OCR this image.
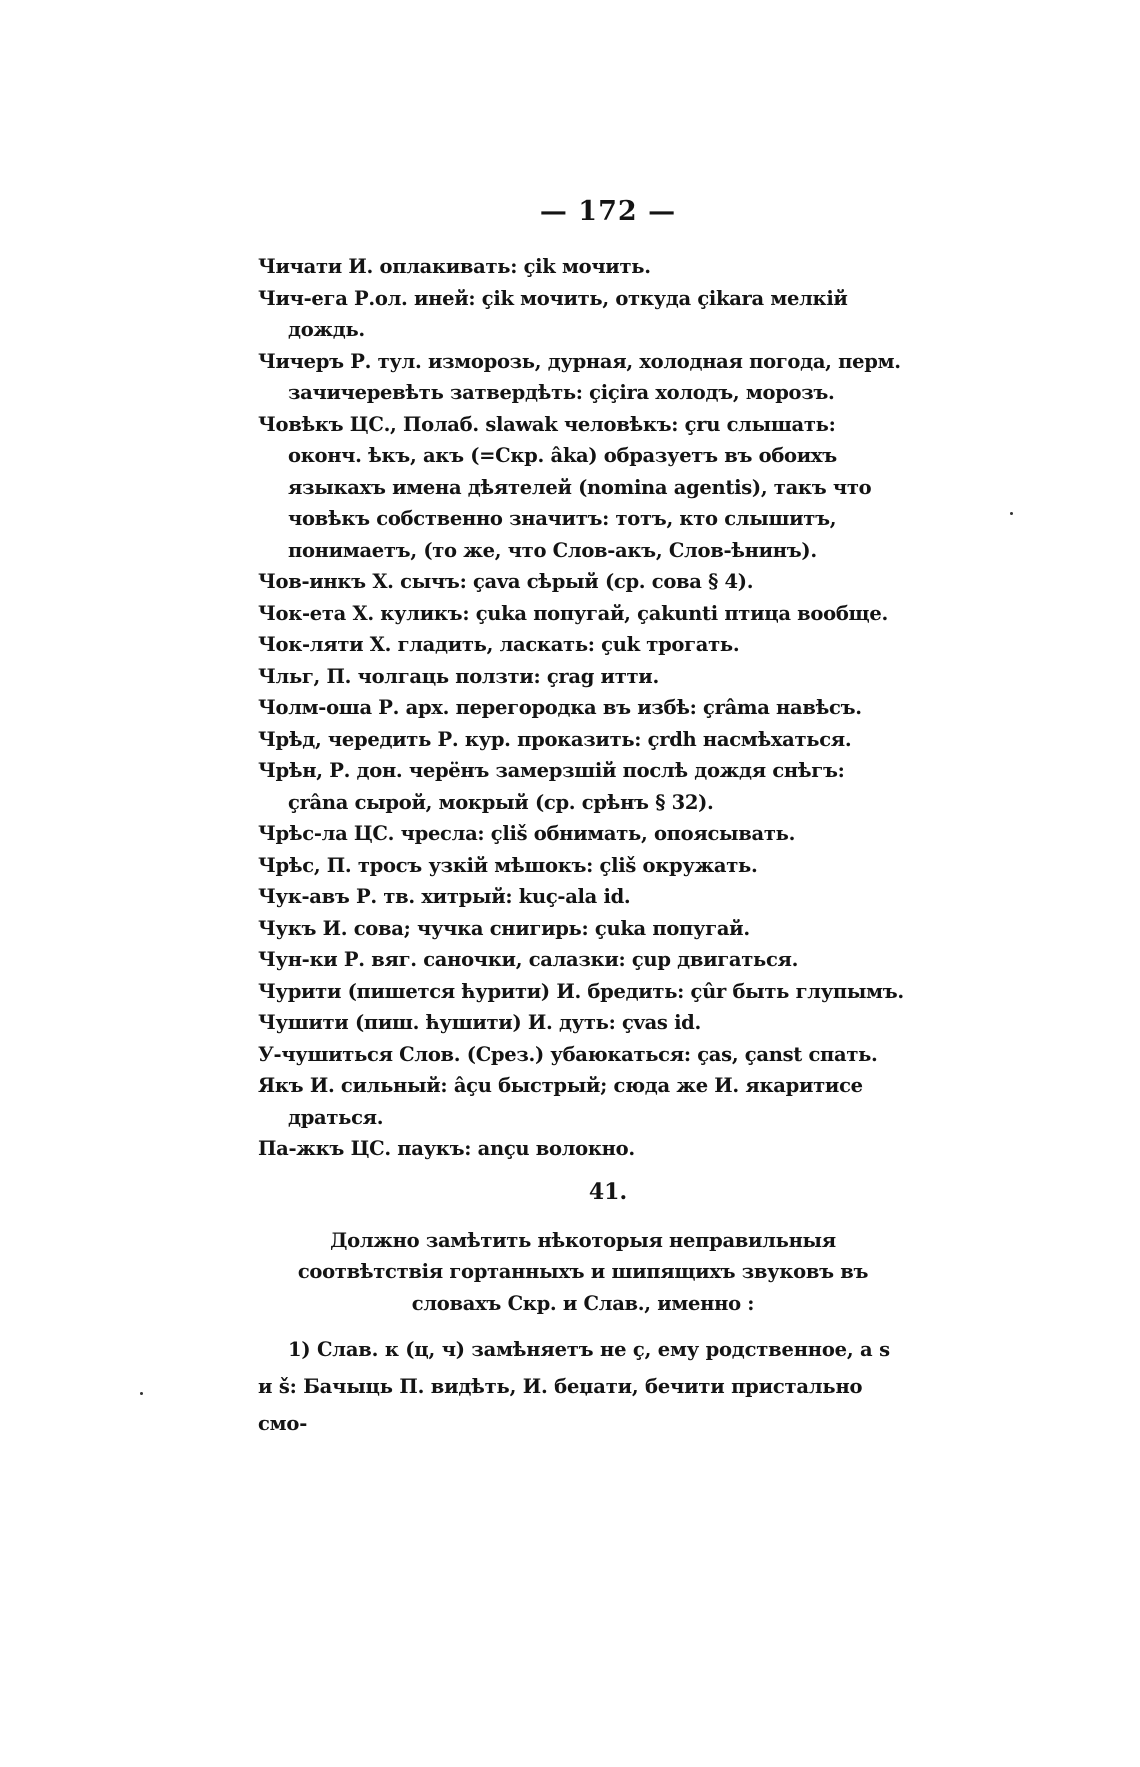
— 172 —
Чичати И. оплакивать: çik мочить.
Чич-ега Р.ол. иней: çik мочить, откуда çikara мелкій дождь.
Чичеръ Р. тул. изморозь, дурная, холодная погода, перм. зачичеревѣть затвердѣть: çiçira холодъ, морозъ.
Човѣкъ ЦС., Полаб. slawak человѣкъ: çru слышать: оконч. ѣкъ, акъ (=Скр. âka) образуетъ въ обоихъ языкахъ имена дѣятелей (nomina agentis), такъ что човѣкъ собственно значитъ: тотъ, кто слышитъ, понимаетъ, (то же, что Слов-акъ, Слов-ѣнинъ).
Чов-инкъ Х. сычъ: çava сѣрый (ср. сова § 4).
Чок-ета Х. куликъ: çuka попугай, çakunti птица вообще.
Чок-ляти Х. гладить, ласкать: çuk трогать.
Чльг, П. чолгаць ползти: çrag итти.
Чолм-оша Р. арх. перегородка въ избѣ: çrâma навѣсъ.
Чрѣд, чередить Р. кур. проказить: çrdh насмѣхаться.
Чрѣн, Р. дон. черёнъ замерзшій послѣ дождя снѣгъ: çrâna сырой, мокрый (ср. срѣнъ § 32).
Чрѣс-ла ЦС. чресла: çliš обнимать, опоясывать.
Чрѣс, П. тросъ узкій мѣшокъ: çliš окружать.
Чук-авъ Р. тв. хитрый: kuç-ala id.
Чукъ И. сова; чучка снигирь: çuka попугай.
Чун-ки Р. вяг. саночки, салазки: çup двигаться.
Чурити (пишется ћурити) И. бредить: çûr быть глупымъ.
Чушити (пиш. ћушити) И. дуть: çvas id.
У-чушиться Слов. (Срез.) убаюкаться: ças, çanst спать.
Якъ И. сильный: âçu быстрый; сюда же И. якаритисе драться.
Па-жкъ ЦС. паукъ: ançu волокно.
41.
Должно замѣтить нѣкоторыя неправильныя соотвѣтствія гортанныхъ и шипящихъ звуковъ въ словахъ Скр. и Слав., именно :
1) Слав. к (ц, ч) замѣняетъ не ç, ему родственное, а s и š: Бачыць П. видѣть, И. беџати, бечити пристально смо-
